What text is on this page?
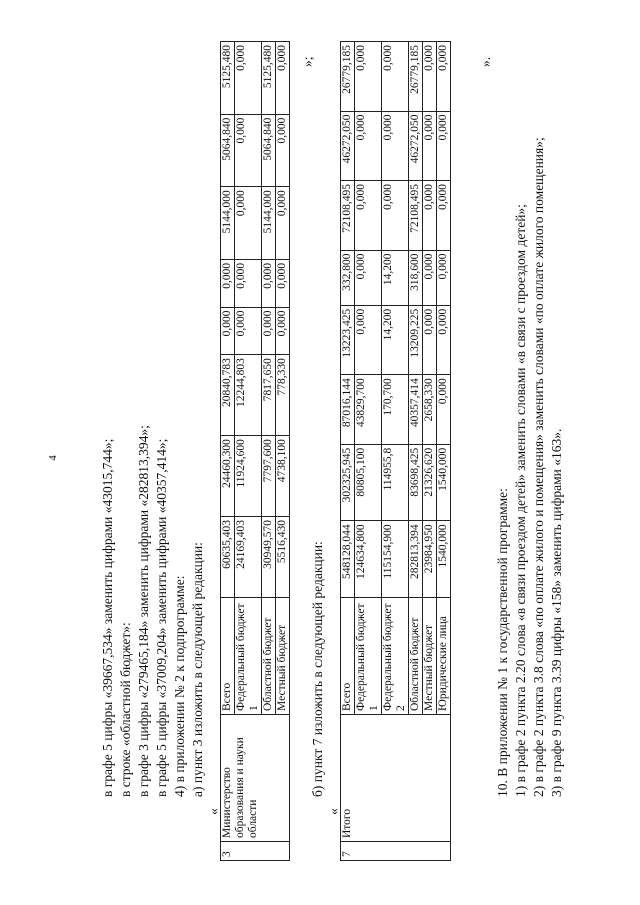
4	в графе 5 цифры «39667,534» заменить цифрами «43015,744»; в строке «областной бюджет»: в графе 3 цифры «279465,184» заменить цифрами «282813,394»; в графе 5 цифры «37009,204» заменить цифрами «40357,414»; 4) в приложении № 2 к подпрограмме: а) пункт 3 изложить в следующей редакции:
«
3	Министерство образования и науки области	Всего	60635,403	24460,300	20840,783	0,000	0,000	5144,000	5064,840	5125,480
		Федеральный бюджет 1	24169,403	11924,600	12244,803	0,000	0,000	0,000	0,000	0,000
		Областной бюджет	30949,570	7797,600	7817,650	0,000	0,000	5144,000	5064,840	5125,480
		Местный бюджет	5516,430	4738,100	778,330	0,000	0,000	0,000	0,000	0,000 »;
б) пункт 7 изложить в следующей редакции:
«
7	Итого	Всего	548128,044	302325,945	87016,144	13223,425	332,800	72108,495	46272,050	26779,185
		Федеральный бюджет 1	124634,800	80805,100	43829,700	0,000	0,000	0,000	0,000	0,000
		Федеральный бюджет 2	115154,900	114955,8	170,700	14,200	14,200	0,000	0,000	0,000
		Областной бюджет	282813,394	83698,425	40357,414	13209,225	318,600	72108,495	46272,050	26779,185
		Местный бюджет	23984,950	21326,620	2658,330	0,000	0,000	0,000	0,000	0,000
		Юридические лица	1540,000	1540,000	0,000	0,000	0,000	0,000	0,000	0,000 ».
10. В приложении № 1 к государственной программе: 1) в графе 2 пункта 2.20 слова «в связи проездом детей» заменить словами «в связи с проездом детей»; 2) в графе 2 пункта 3.8 слова «по оплате жилого и помещения» заменить словами «по оплате жилого помещения»; 3) в графе 9 пункта 3.39 цифры «158» заменить цифрами «163».
